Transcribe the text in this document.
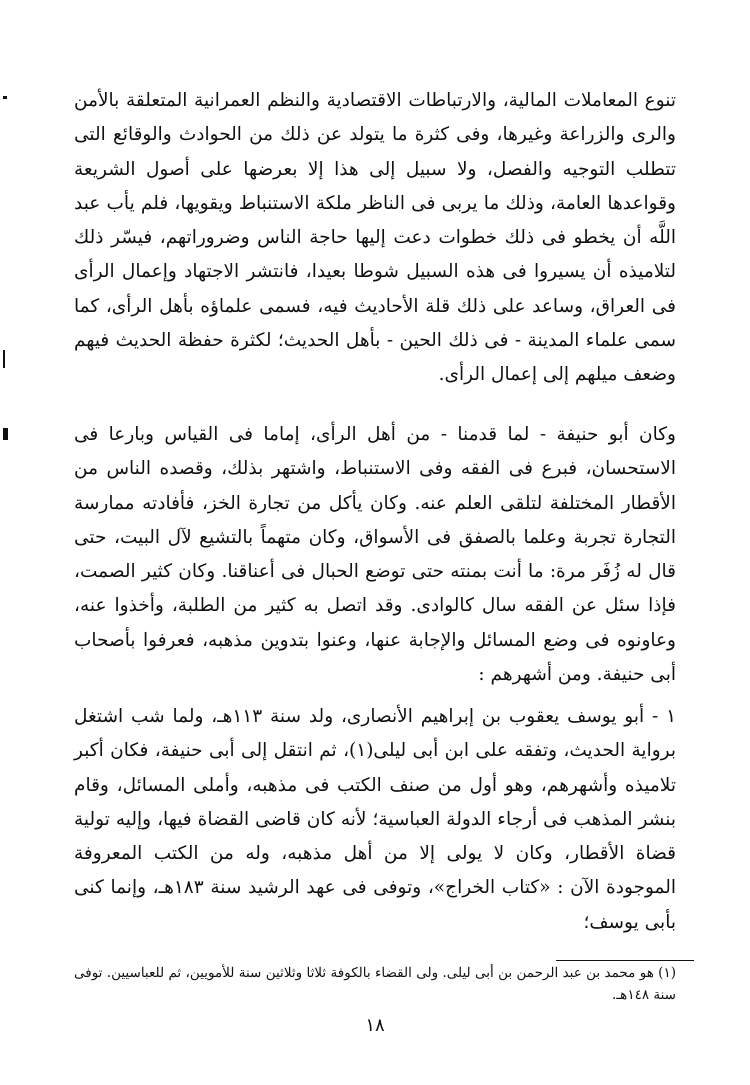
تنوع المعاملات المالية، والارتباطات الاقتصادية والنظم العمرانية المتعلقة بالأمن والرى والزراعة وغيرها، وفى كثرة ما يتولد عن ذلك من الحوادث والوقائع التى تتطلب التوجيه والفصل، ولا سبيل إلى هذا إلا بعرضها على أصول الشريعة وقواعدها العامة، وذلك ما يربى فى الناظر ملكة الاستنباط ويقويها، فلم يأب عبد اللَّه أن يخطو فى ذلك خطوات دعت إليها حاجة الناس وضروراتهم، فيسّر ذلك لتلاميذه أن يسيروا فى هذه السبيل شوطا بعيدا، فانتشر الاجتهاد وإعمال الرأى فى العراق، وساعد على ذلك قلة الأحاديث فيه، فسمى علماؤه بأهل الرأى، كما سمى علماء المدينة - فى ذلك الحين - بأهل الحديث؛ لكثرة حفظة الحديث فيهم وضعف ميلهم إلى إعمال الرأى.

وكان أبو حنيفة - لما قدمنا - من أهل الرأى، إماما فى القياس وبارعا فى الاستحسان، فبرع فى الفقه وفى الاستنباط، واشتهر بذلك، وقصده الناس من الأقطار المختلفة لتلقى العلم عنه. وكان يأكل من تجارة الخز، فأفادته ممارسة التجارة تجربة وعلما بالصفق فى الأسواق، وكان متهماً بالتشيع لآل البيت، حتى قال له زُفَر مرة: ما أنت بمنته حتى توضع الحبال فى أعناقنا. وكان كثير الصمت، فإذا سئل عن الفقه سال كالوادى. وقد اتصل به كثير من الطلبة، وأخذوا عنه، وعاونوه فى وضع المسائل والإجابة عنها، وعنوا بتدوين مذهبه، فعرفوا بأصحاب أبى حنيفة. ومن أشهرهم :

١ - أبو يوسف يعقوب بن إبراهيم الأنصارى، ولد سنة ١١٣هـ، ولما شب اشتغل برواية الحديث، وتفقه على ابن أبى ليلى(١)، ثم انتقل إلى أبى حنيفة، فكان أكبر تلاميذه وأشهرهم، وهو أول من صنف الكتب فى مذهبه، وأملى المسائل، وقام بنشر المذهب فى أرجاء الدولة العباسية؛ لأنه كان قاضى القضاة فيها، وإليه تولية قضاة الأقطار، وكان لا يولى إلا من أهل مذهبه، وله من الكتب المعروفة الموجودة الآن : «كتاب الخراج»، وتوفى فى عهد الرشيد سنة ١٨٣هـ، وإنما كنى بأبى يوسف؛

(١) هو محمد بن عبد الرحمن بن أبى ليلى. ولى القضاء بالكوفة ثلاثا وثلاثين سنة للأمويين، ثم للعباسيين. توفى سنة ١٤٨هـ.

١٨
